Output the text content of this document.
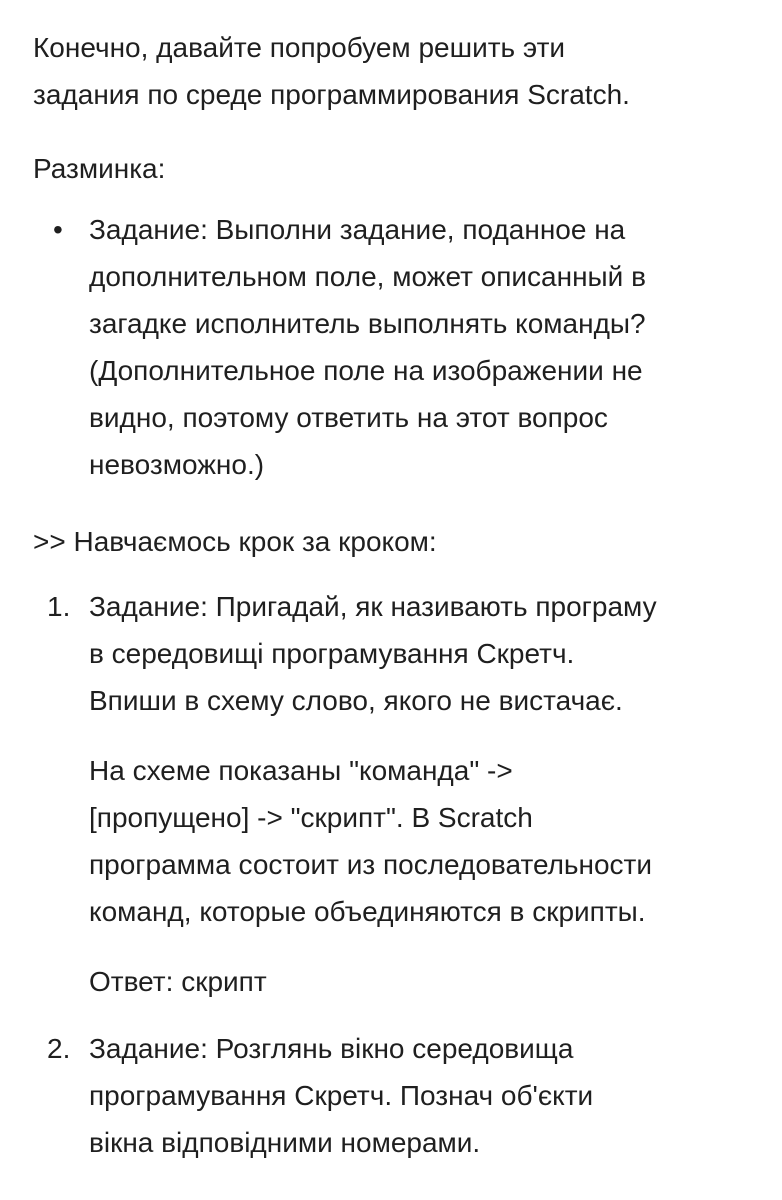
Конечно, давайте попробуем решить эти
задания по среде программирования Scratch.

Разминка:

• Задание: Выполни задание, поданное на
дополнительном поле, может описанный в
загадке исполнитель выполнять команды?
(Дополнительное поле на изображении не
видно, поэтому ответить на этот вопрос
невозможно.)

>> Навчаємось крок за кроком:

1. Задание: Пригадай, як називають програму
в середовищі програмування Скретч.
Впиши в схему слово, якого не вистачає.
На схеме показаны "команда" ->
[пропущено] -> "скрипт". В Scratch
программа состоит из последовательности
команд, которые объединяются в скрипты.
Ответ: скрипт
2. Задание: Розглянь вікно середовища
програмування Скретч. Познач об'єкти
вікна відповідними номерами.
